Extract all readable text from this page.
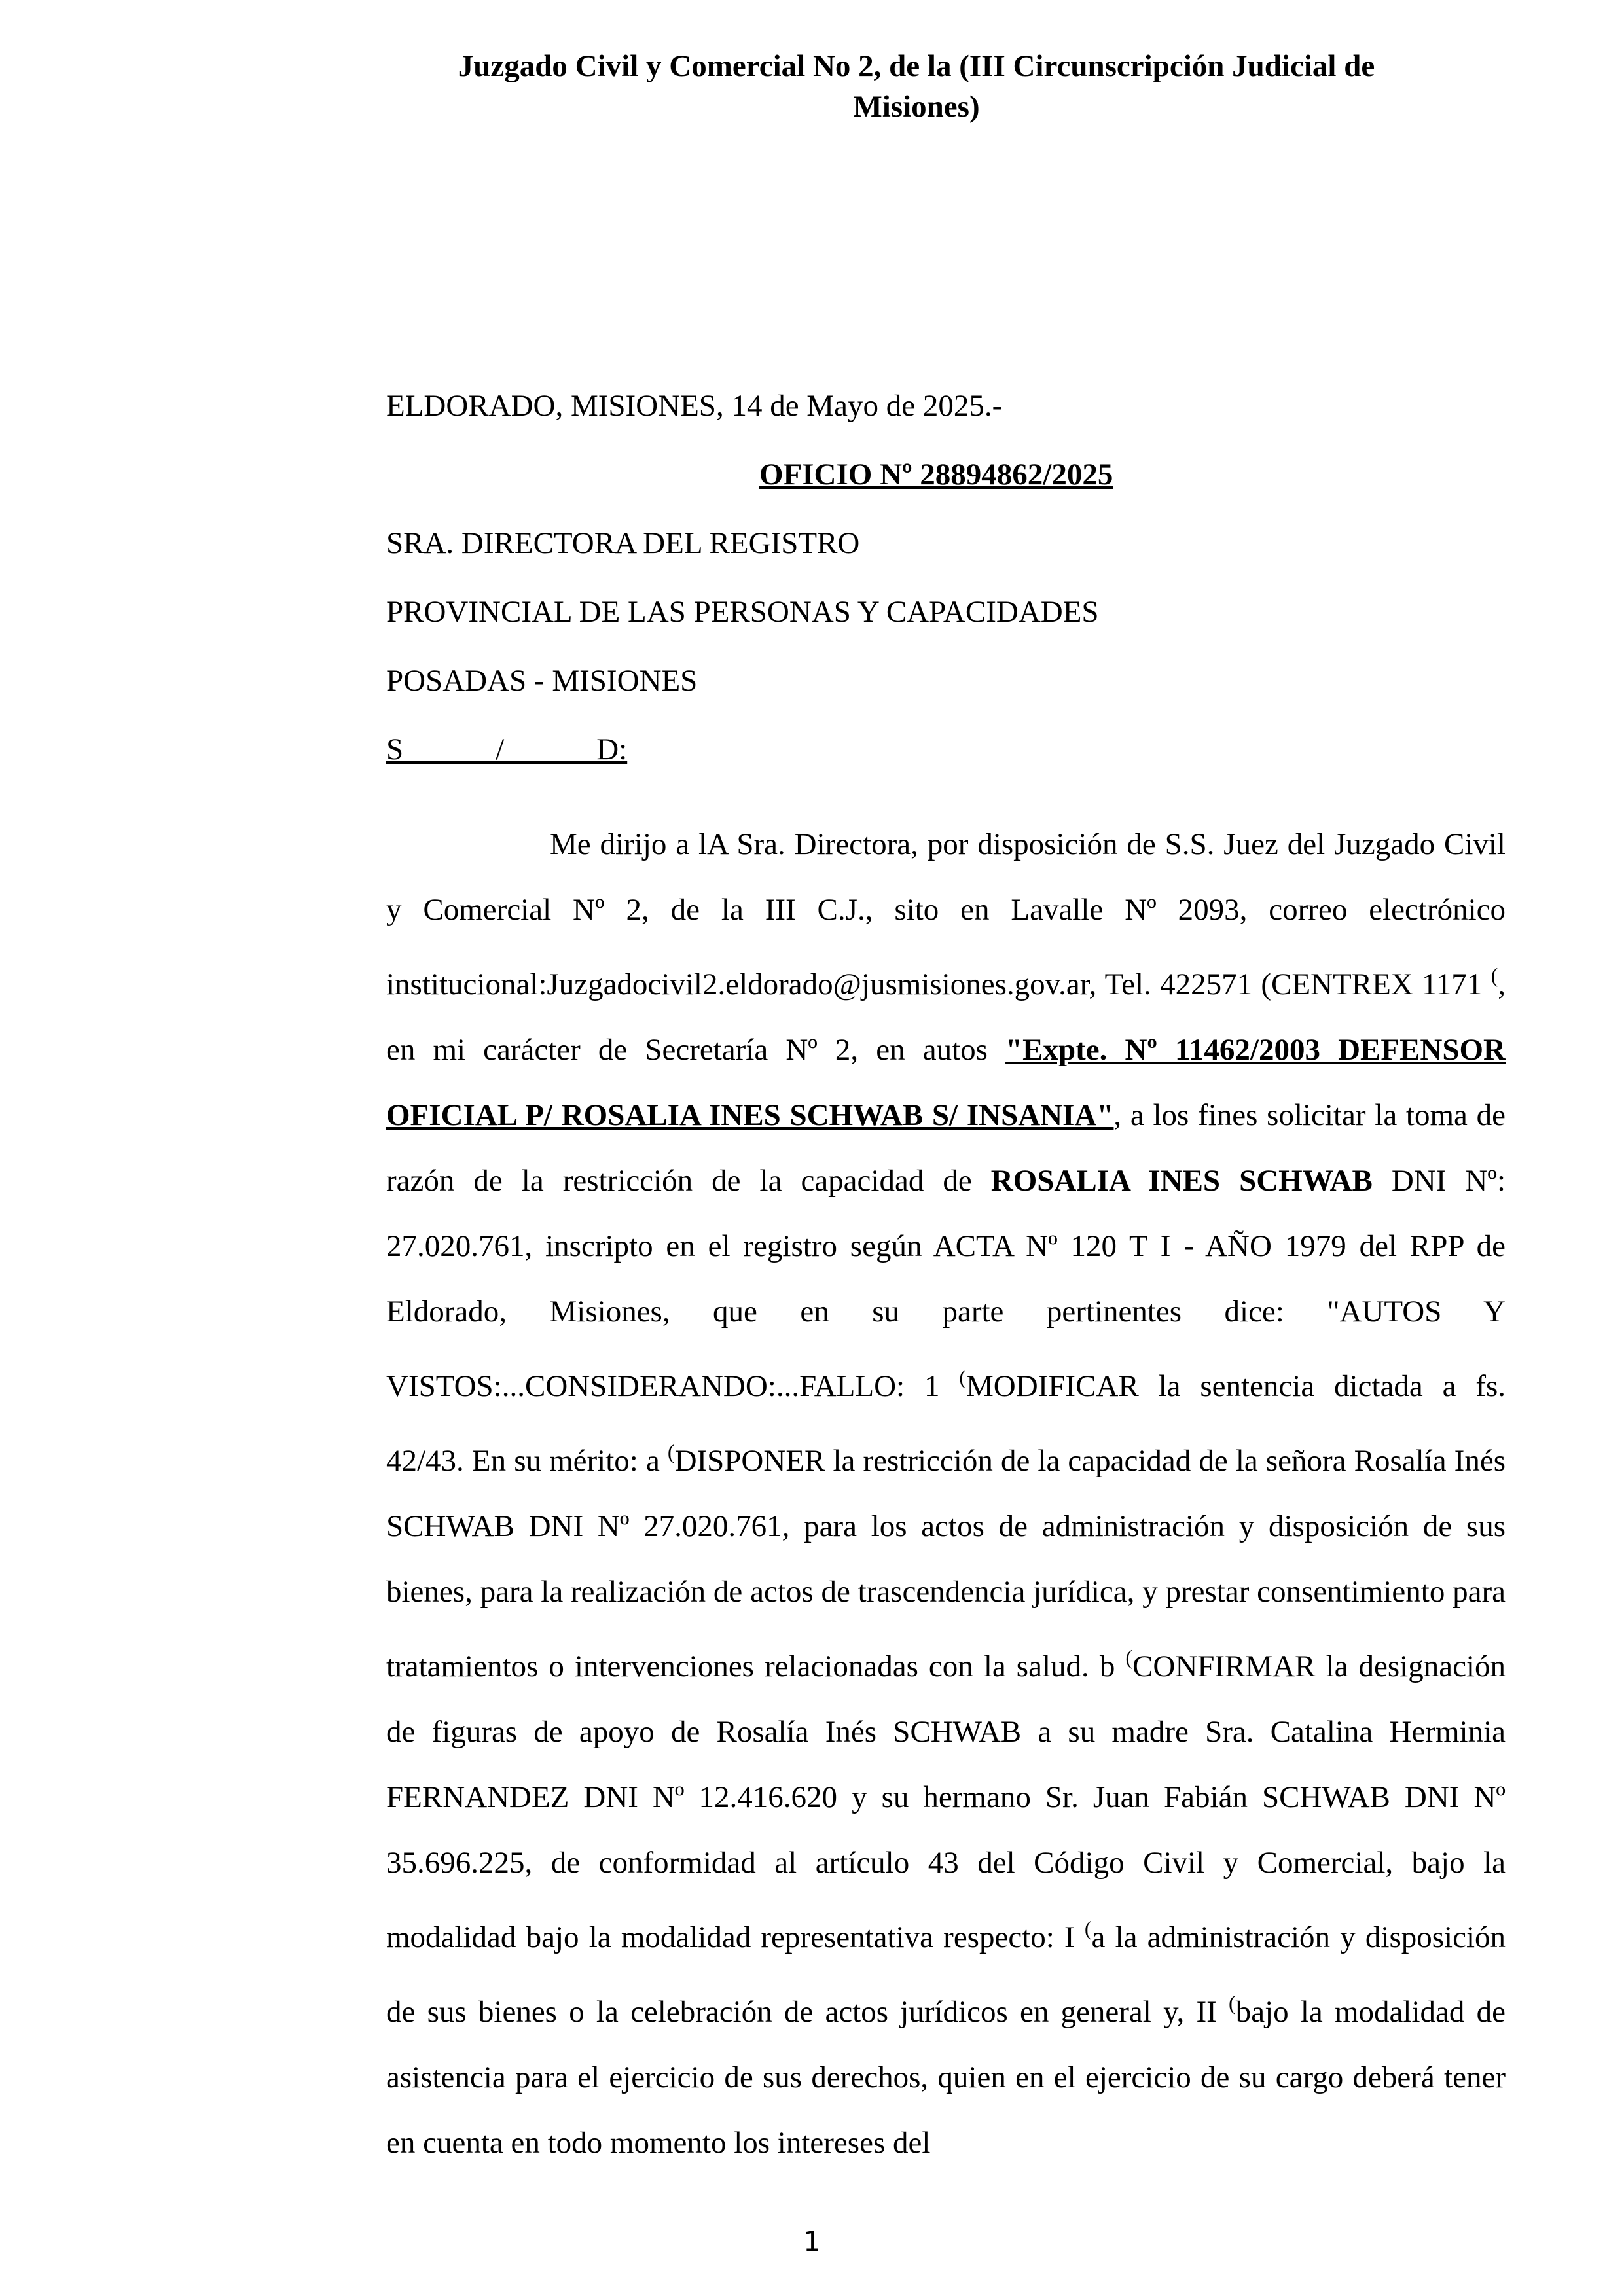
Juzgado Civil y Comercial No 2, de la (III Circunscripción Judicial de
Misiones)
ELDORADO, MISIONES, 14 de Mayo de 2025.-
OFICIO Nº 28894862/2025
SRA. DIRECTORA DEL REGISTRO
PROVINCIAL DE LAS PERSONAS Y CAPACIDADES
POSADAS - MISIONES
S            /            D:

Me dirijo a lA Sra. Directora, por disposición de S.S. Juez del Juzgado Civil y Comercial Nº 2, de la III C.J., sito en Lavalle Nº 2093, correo electrónico institucional:Juzgadocivil2.eldorado@jusmisiones.gov.ar, Tel. 422571 (CENTREX 1171 (, en mi carácter de Secretaría Nº 2, en autos "Expte. Nº 11462/2003 DEFENSOR OFICIAL P/ ROSALIA INES SCHWAB S/ INSANIA", a los fines solicitar la toma de razón de la restricción de la capacidad de ROSALIA INES SCHWAB DNI Nº: 27.020.761, inscripto en el registro según ACTA Nº 120 T I - AÑO 1979 del RPP de Eldorado, Misiones, que en su parte pertinentes dice: "AUTOS Y VISTOS:...CONSIDERANDO:...FALLO: 1 (MODIFICAR la sentencia dictada a fs. 42/43. En su mérito: a (DISPONER la restricción de la capacidad de la señora Rosalía Inés SCHWAB DNI Nº 27.020.761, para los actos de administración y disposición de sus bienes, para la realización de actos de trascendencia jurídica, y prestar consentimiento para tratamientos o intervenciones relacionadas con la salud. b (CONFIRMAR la designación de figuras de apoyo de Rosalía Inés SCHWAB a su madre Sra. Catalina Herminia FERNANDEZ DNI Nº 12.416.620 y su hermano Sr. Juan Fabián SCHWAB DNI Nº 35.696.225, de conformidad al artículo 43 del Código Civil y Comercial, bajo la modalidad bajo la modalidad representativa respecto: I (a la administración y disposición de sus bienes o la celebración de actos jurídicos en general y, II (bajo la modalidad de asistencia para el ejercicio de sus derechos, quien en el ejercicio de su cargo deberá tener en cuenta en todo momento los intereses del

1
